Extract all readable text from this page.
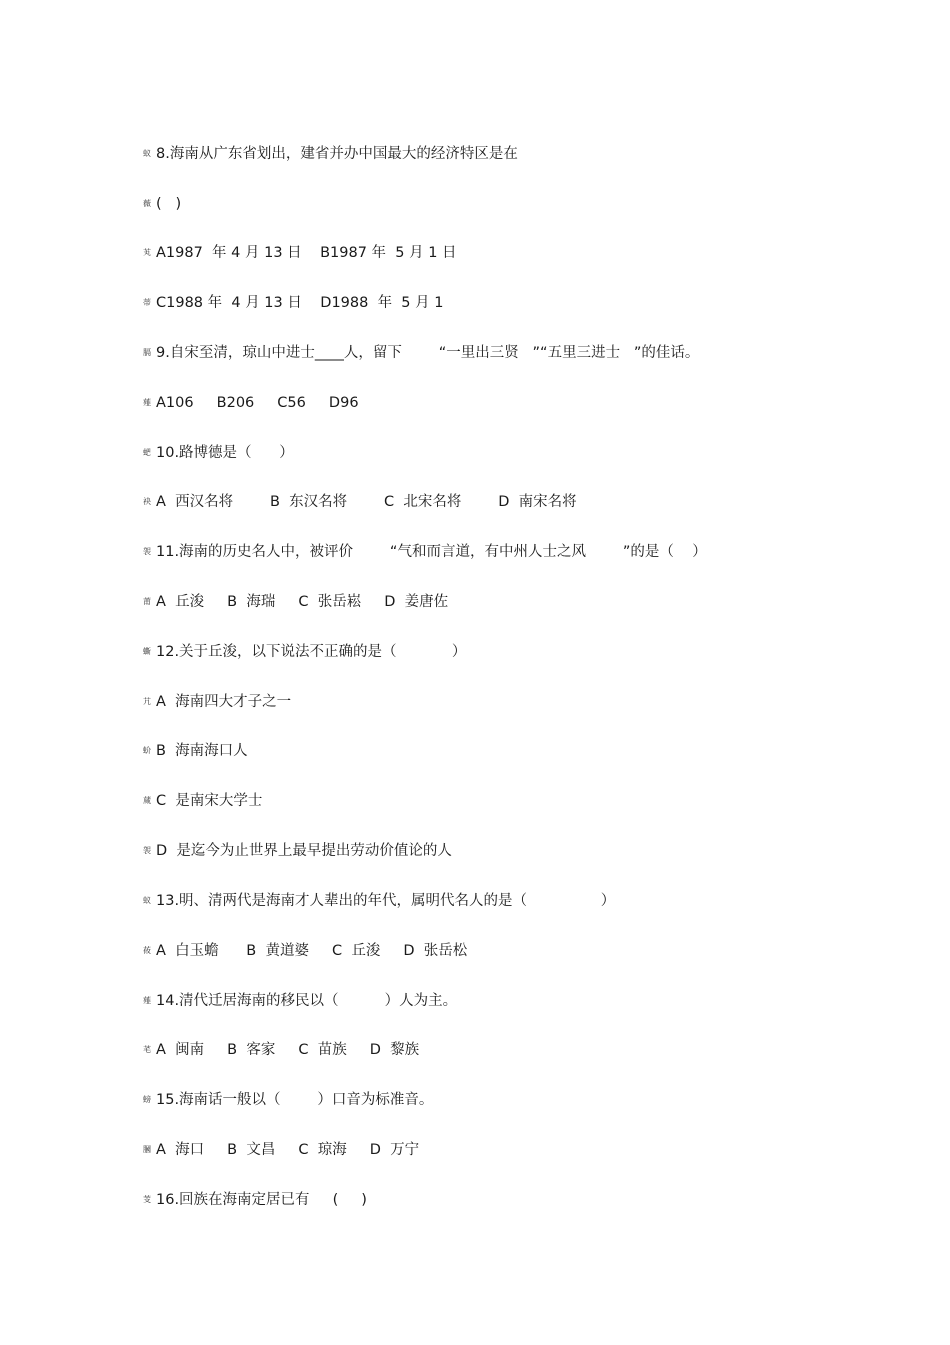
蚁 8.海南从广东省划出，建省并办中国最大的经济特区是在
薇 (   )
芄 A1987  年 4 月 13 日    B1987 年  5 月 1 日
蒂 C1988 年  4 月 13 日    D1988  年  5 月 1
膈 9.自宋至清，琼山中进士____人，留下        “一里出三贤   ”“五里三进士   ”的佳话。
薤 A106     B206     C56     D96
蚆 10.路博德是（      ）
袂 A  西汉名将        B  东汉名将        C  北宋名将        D  南宋名将
袈 11.海南的历史名人中，被评价        “气和而言道，有中州人士之风        ”的是（    ）
莆 A  丘浚     B  海瑞     C  张岳崧     D  姜唐佐
蟖 12.关于丘浚，以下说法不正确的是（            ）
芁 A  海南四大才子之一
蚧 B  海南海口人
蒇 C  是南宋大学士
袈 D  是迄今为止世界上最早提出劳动价值论的人
蚁 13.明、清两代是海南才人辈出的年代，属明代名人的是（                ）
莜 A  白玉蟾      B  黄道婆     C  丘浚     D  张岳松
薤 14.清代迁居海南的移民以（          ）人为主。
芼 A  闽南     B  客家     C  苗族     D  黎族
螃 15.海南话一般以（        ）口音为标准音。
膕 A  海口     B  文昌     C  琼海     D  万宁
芰 16.回族在海南定居已有     (     )
